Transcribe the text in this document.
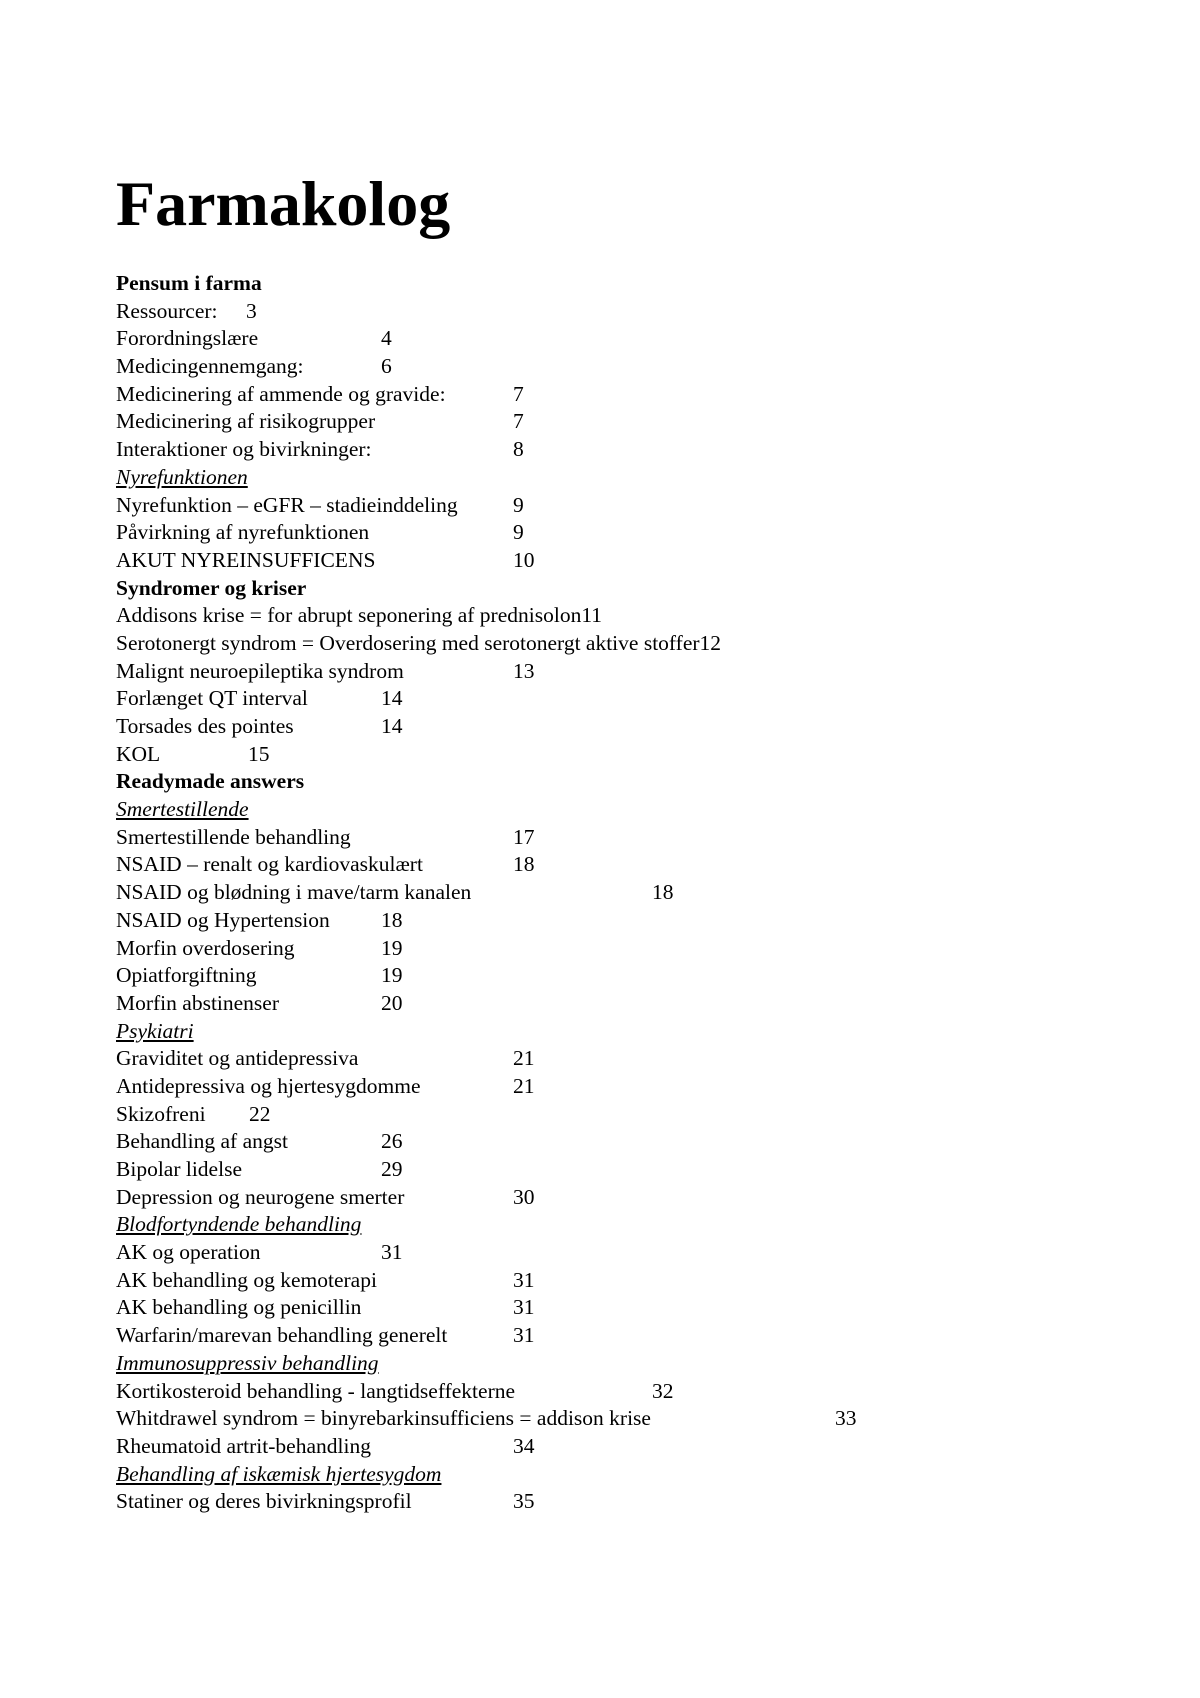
Farmakolog
Pensum i farma
Ressourcer: 3
Forordningslære	4
Medicingennemgang:	6
Medicinering af ammende og gravide:	7
Medicinering af risikogrupper	7
Interaktioner og bivirkninger:	8
Nyrefunktionen
Nyrefunktion – eGFR – stadieinddeling	9
Påvirkning af nyrefunktionen	9
AKUT NYREINSUFFICENS	10
Syndromer og kriser
Addisons krise = for abrupt seponering af prednisolon11
Serotonergt syndrom = Overdosering med serotonergt aktive stoffer12
Malignt neuroepileptika syndrom	13
Forlænget QT interval	14
Torsades des pointes	14
KOL	15
Readymade answers
Smertestillende
Smertestillende behandling	17
NSAID – renalt og kardiovaskulært	18
NSAID og blødning i mave/tarm kanalen	18
NSAID og Hypertension 18
Morfin overdosering	19
Opiatforgiftning	19
Morfin abstinenser	20
Psykiatri
Graviditet og antidepressiva	21
Antidepressiva og hjertesygdomme	21
Skizofreni 22
Behandling af angst	26
Bipolar lidelse	29
Depression og neurogene smerter	30
Blodfortyndende behandling
AK og operation	31
AK behandling og kemoterapi	31
AK behandling og penicillin	31
Warfarin/marevan behandling generelt	31
Immunosuppressiv behandling
Kortikosteroid behandling - langtidseffekterne	32
Whitdrawel syndrom = binyrebarkinsufficiens = addison krise	33
Rheumatoid artrit-behandling	34
Behandling af iskæmisk hjertesygdom
Statiner og deres bivirkningsprofil	35
